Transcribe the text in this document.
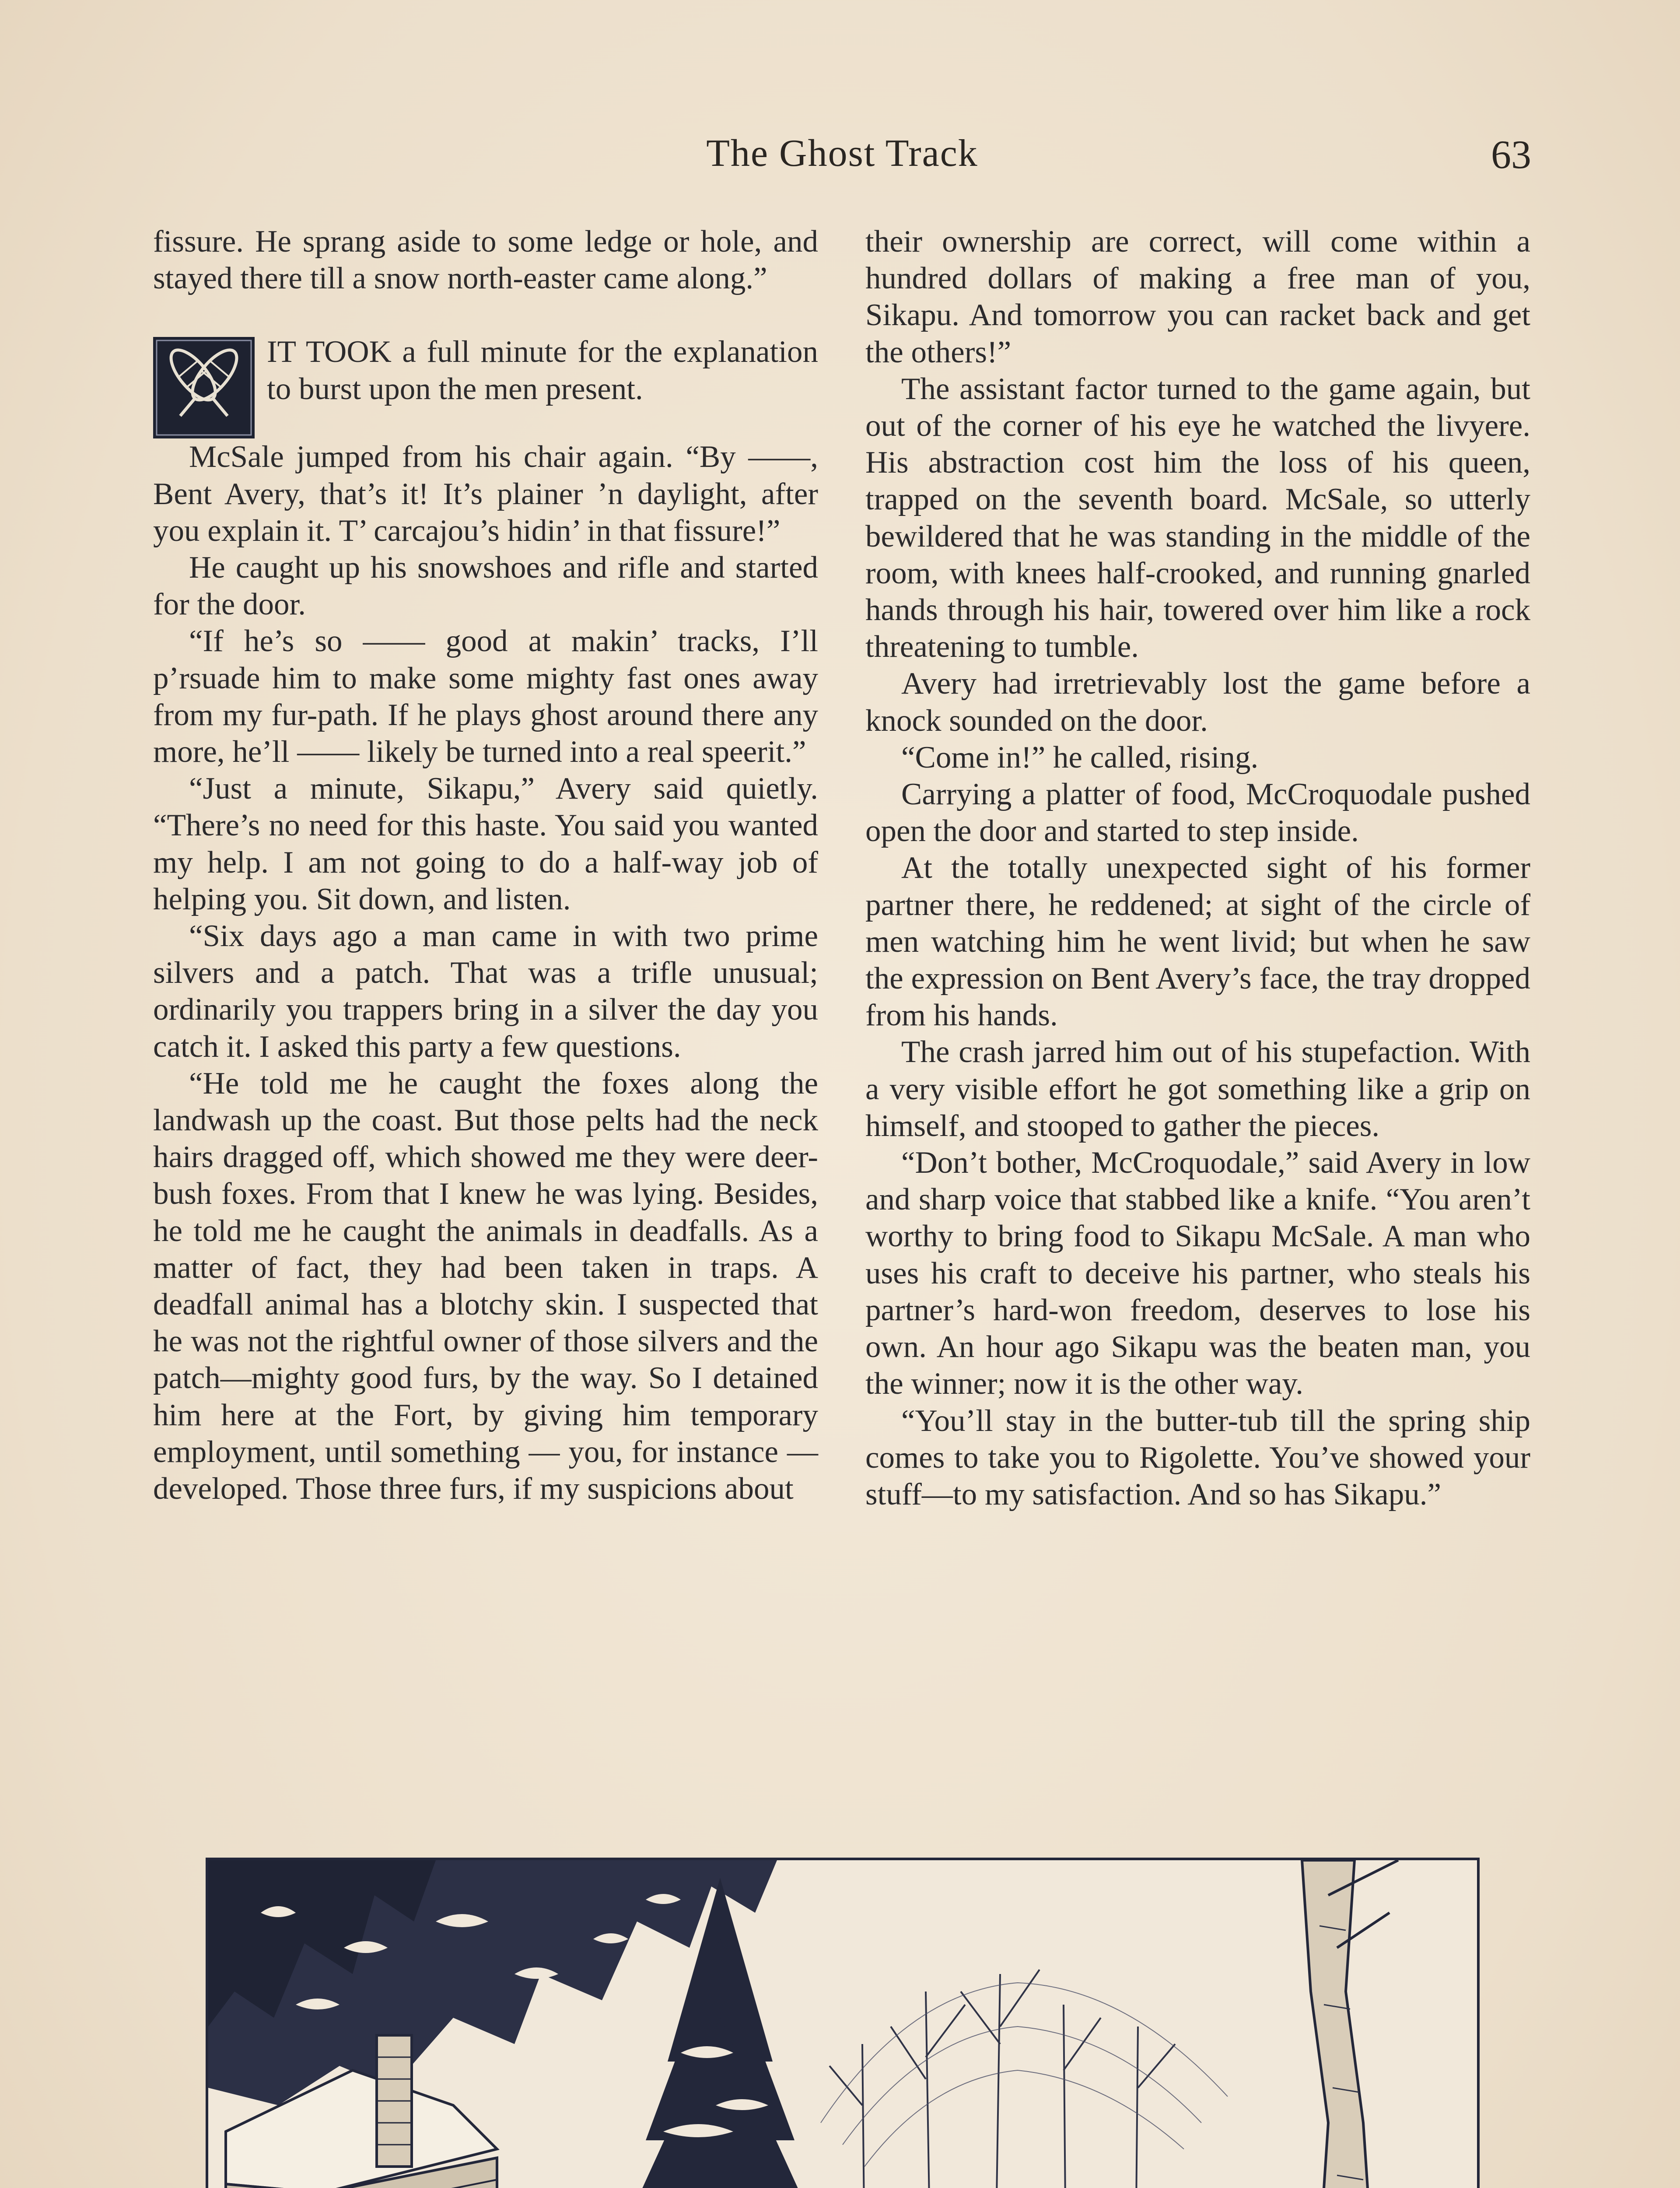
The Ghost Track	63

fissure. He sprang aside to some ledge or hole, and stayed there till a snow north-easter came along.”

IT TOOK a full minute for the explanation to burst upon the men present.

McSale jumped from his chair again. “By ——, Bent Avery, that’s it! It’s plainer ’n daylight, after you explain it. T’ carcajou’s hidin’ in that fissure!”

He caught up his snowshoes and rifle and started for the door.

“If he’s so —— good at makin’ tracks, I’ll p’rsuade him to make some mighty fast ones away from my fur-path. If he plays ghost around there any more, he’ll —— likely be turned into a real speerit.”

“Just a minute, Sikapu,” Avery said quietly. “There’s no need for this haste. You said you wanted my help. I am not going to do a half-way job of helping you. Sit down, and listen.

“Six days ago a man came in with two prime silvers and a patch. That was a trifle unusual; ordinarily you trappers bring in a silver the day you catch it. I asked this party a few questions.

“He told me he caught the foxes along the landwash up the coast. But those pelts had the neck hairs dragged off, which showed me they were deer-bush foxes. From that I knew he was lying. Besides, he told me he caught the animals in deadfalls. As a matter of fact, they had been taken in traps. A deadfall animal has a blotchy skin. I suspected that he was not the rightful owner of those silvers and the patch—mighty good furs, by the way. So I detained him here at the Fort, by giving him temporary employment, until something — you, for instance — developed. Those three furs, if my suspicions about

their ownership are correct, will come within a hundred dollars of making a free man of you, Sikapu. And tomorrow you can racket back and get the others!”

The assistant factor turned to the game again, but out of the corner of his eye he watched the livyere. His abstraction cost him the loss of his queen, trapped on the seventh board. McSale, so utterly bewildered that he was standing in the middle of the room, with knees half-crooked, and running gnarled hands through his hair, towered over him like a rock threatening to tumble.

Avery had irretrievably lost the game before a knock sounded on the door.

“Come in!” he called, rising.

Carrying a platter of food, McCroquodale pushed open the door and started to step inside.

At the totally unexpected sight of his former partner there, he reddened; at sight of the circle of men watching him he went livid; but when he saw the expression on Bent Avery’s face, the tray dropped from his hands.

The crash jarred him out of his stupefaction. With a very visible effort he got something like a grip on himself, and stooped to gather the pieces.

“Don’t bother, McCroquodale,” said Avery in low and sharp voice that stabbed like a knife. “You aren’t worthy to bring food to Sikapu McSale. A man who uses his craft to deceive his partner, who steals his partner’s hard-won freedom, deserves to lose his own. An hour ago Sikapu was the beaten man, you the winner; now it is the other way.

“You’ll stay in the butter-tub till the spring ship comes to take you to Rigolette. You’ve showed your stuff—to my satisfaction. And so has Sikapu.”
